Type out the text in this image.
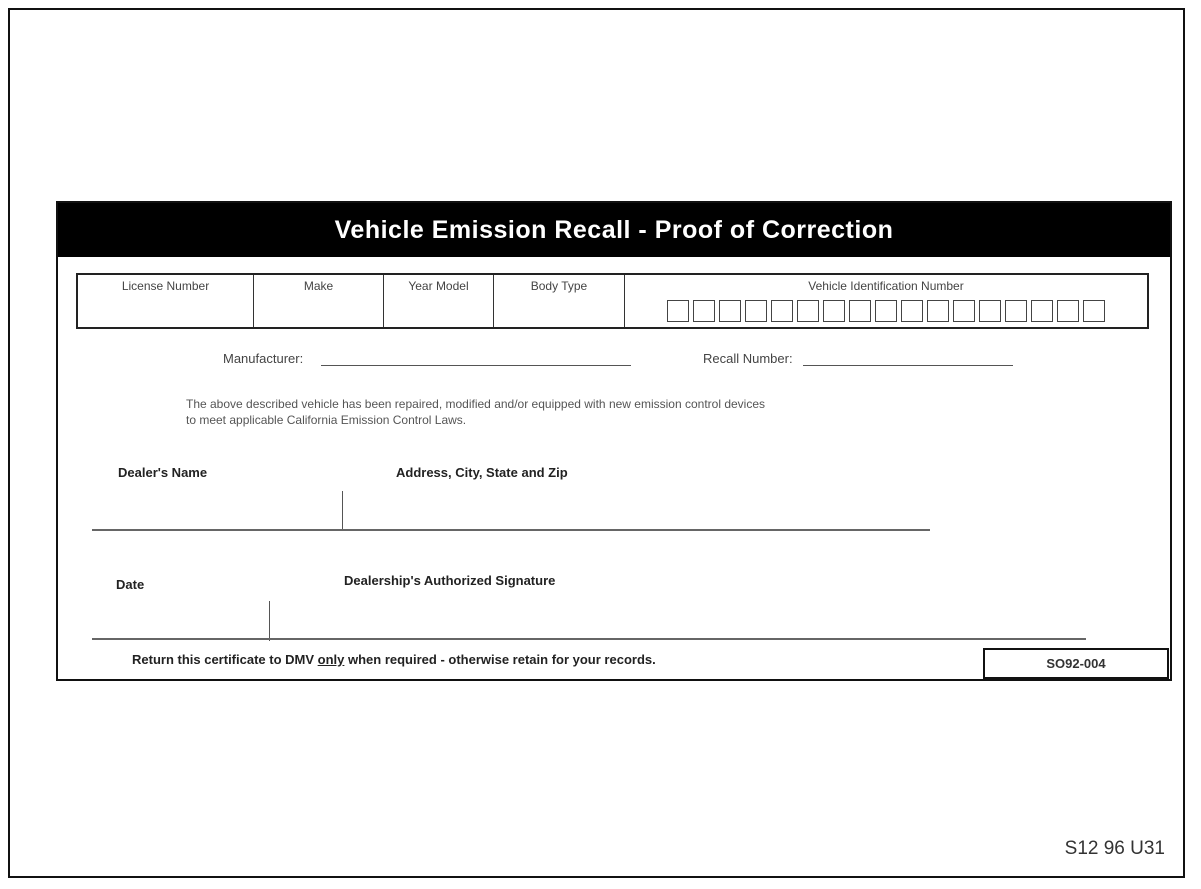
Vehicle Emission Recall - Proof of Correction
License Number	Make	Year Model	Body Type	Vehicle Identification Number
Manufacturer:	Recall Number:
The above described vehicle has been repaired, modified and/or equipped with new emission control devices
to meet applicable California Emission Control Laws.
Dealer's Name	Address, City, State and Zip
Date	Dealership's Authorized Signature
Return this certificate to DMV only when required - otherwise retain for your records.	SO92-004
S12 96 U31
